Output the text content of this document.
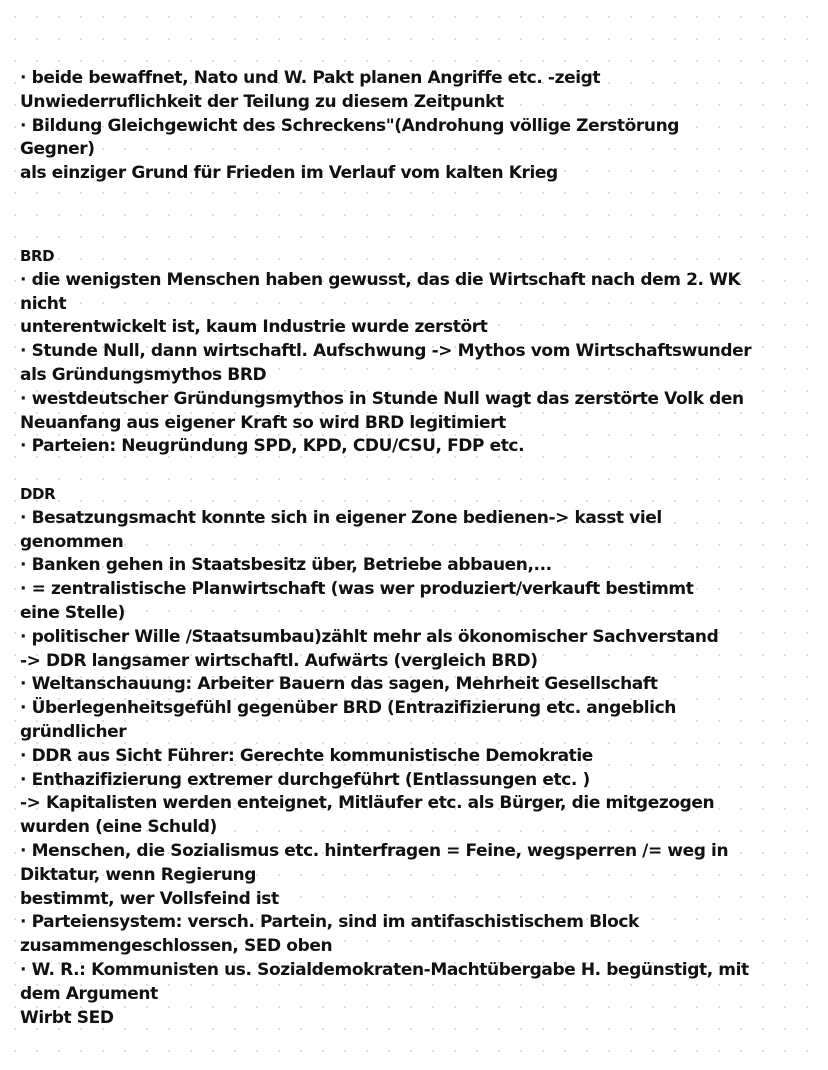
· beide bewaffnet, Nato und W. Pakt planen Angriffe etc. -zeigt
Unwiederruflichkeit der Teilung zu diesem Zeitpunkt
· Bildung Gleichgewicht des Schreckens"(Androhung völlige Zerstörung
Gegner)
als einziger Grund für Frieden im Verlauf vom kalten Krieg
BRD
· die wenigsten Menschen haben gewusst, das die Wirtschaft nach dem 2. WK
nicht
unterentwickelt ist, kaum Industrie wurde zerstört
· Stunde Null, dann wirtschaftl. Aufschwung -> Mythos vom Wirtschaftswunder
als Gründungsmythos BRD
· westdeutscher Gründungsmythos in Stunde Null wagt das zerstörte Volk den
Neuanfang aus eigener Kraft so wird BRD legitimiert
· Parteien: Neugründung SPD, KPD, CDU/CSU, FDP etc.
DDR
· Besatzungsmacht konnte sich in eigener Zone bedienen-> kasst viel
genommen
· Banken gehen in Staatsbesitz über, Betriebe abbauen,...
· = zentralistische Planwirtschaft (was wer produziert/verkauft bestimmt
eine Stelle)
· politischer Wille /Staatsumbau)zählt mehr als ökonomischer Sachverstand
-> DDR langsamer wirtschaftl. Aufwärts (vergleich BRD)
· Weltanschauung: Arbeiter Bauern das sagen, Mehrheit Gesellschaft
· Überlegenheitsgefühl gegenüber BRD (Entrazifizierung etc. angeblich
gründlicher
· DDR aus Sicht Führer: Gerechte kommunistische Demokratie
· Enthazifizierung extremer durchgeführt (Entlassungen etc. )
-> Kapitalisten werden enteignet, Mitläufer etc. als Bürger, die mitgezogen
wurden (eine Schuld)
· Menschen, die Sozialismus etc. hinterfragen = Feine, wegsperren /= weg in
Diktatur, wenn Regierung
bestimmt, wer Vollsfeind ist
· Parteiensystem: versch. Partein, sind im antifaschistischem Block
zusammengeschlossen, SED oben
· W. R.: Kommunisten us. Sozialdemokraten-Machtübergabe H. begünstigt, mit
dem Argument
Wirbt SED
